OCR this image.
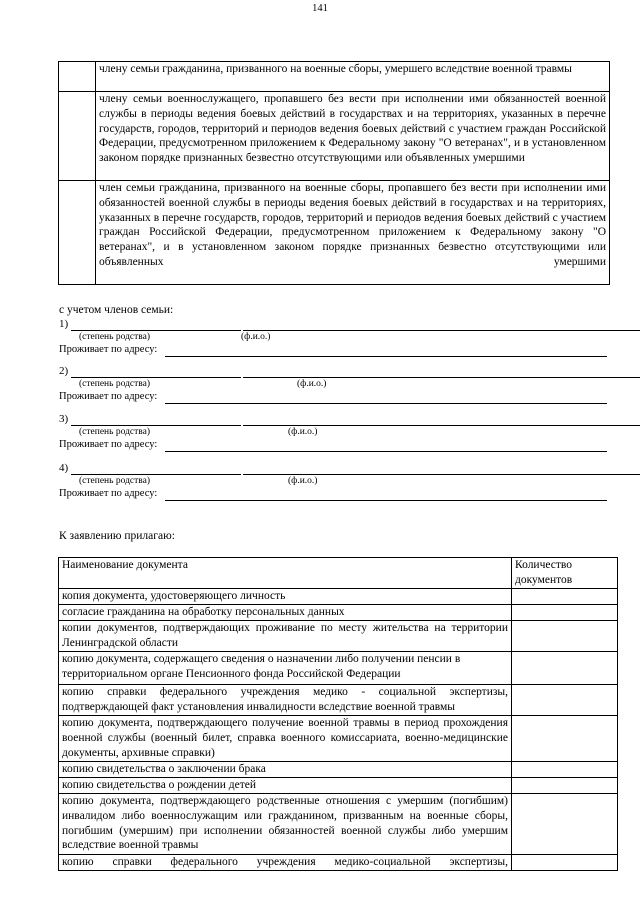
141
	члену семьи гражданина, призванного на военные сборы, умершего вследствие военной травмы
	члену семьи военнослужащего, пропавшего без вести при исполнении ими обязанностей военной службы в периоды ведения боевых действий в государствах и на территориях, указанных в перечне государств, городов, территорий и периодов ведения боевых действий с участием граждан Российской Федерации, предусмотренном приложением к Федеральному закону "О ветеранах", и в установленном законом порядке признанных безвестно отсутствующими или объявленных умершими
	член семьи гражданина, призванного на военные сборы, пропавшего без вести при исполнении ими обязанностей военной службы в периоды ведения боевых действий в государствах и на территориях, указанных в перечне государств, городов, территорий и периодов ведения боевых действий с участием граждан Российской Федерации, предусмотренном приложением к Федеральному закону "О ветеранах", и в установленном законом порядке признанных безвестно отсутствующими или объявленных умершими
с учетом членов семьи:
1)
(степень родства)	(ф.и.о.)
Проживает по адресу:
2)
(степень родства)	(ф.и.о.)
Проживает по адресу:
3)
(степень родства)	(ф.и.о.)
Проживает по адресу:
4)
(степень родства)	(ф.и.о.)
Проживает по адресу:
К заявлению прилагаю:
Наименование документа	Количество документов
копия документа, удостоверяющего личность	
согласие гражданина на обработку персональных данных	
копии документов, подтверждающих проживание по месту жительства на территории Ленинградской области	
копию документа, содержащего сведения о назначении либо получении пенсии в территориальном органе Пенсионного фонда Российской Федерации	
копию справки федерального учреждения медико - социальной экспертизы, подтверждающей факт установления инвалидности вследствие военной травмы	
копию документа, подтверждающего получение военной травмы в период прохождения военной службы (военный билет, справка военного комиссариата, военно-медицинские документы, архивные справки)	
копию свидетельства о заключении брака	
копию свидетельства о рождении детей	
копию документа, подтверждающего родственные отношения с умершим (погибшим) инвалидом либо военнослужащим или гражданином, призванным на военные сборы, погибшим (умершим) при исполнении обязанностей военной службы либо умершим вследствие военной травмы	
копию справки федерального учреждения медико-социальной экспертизы,	
